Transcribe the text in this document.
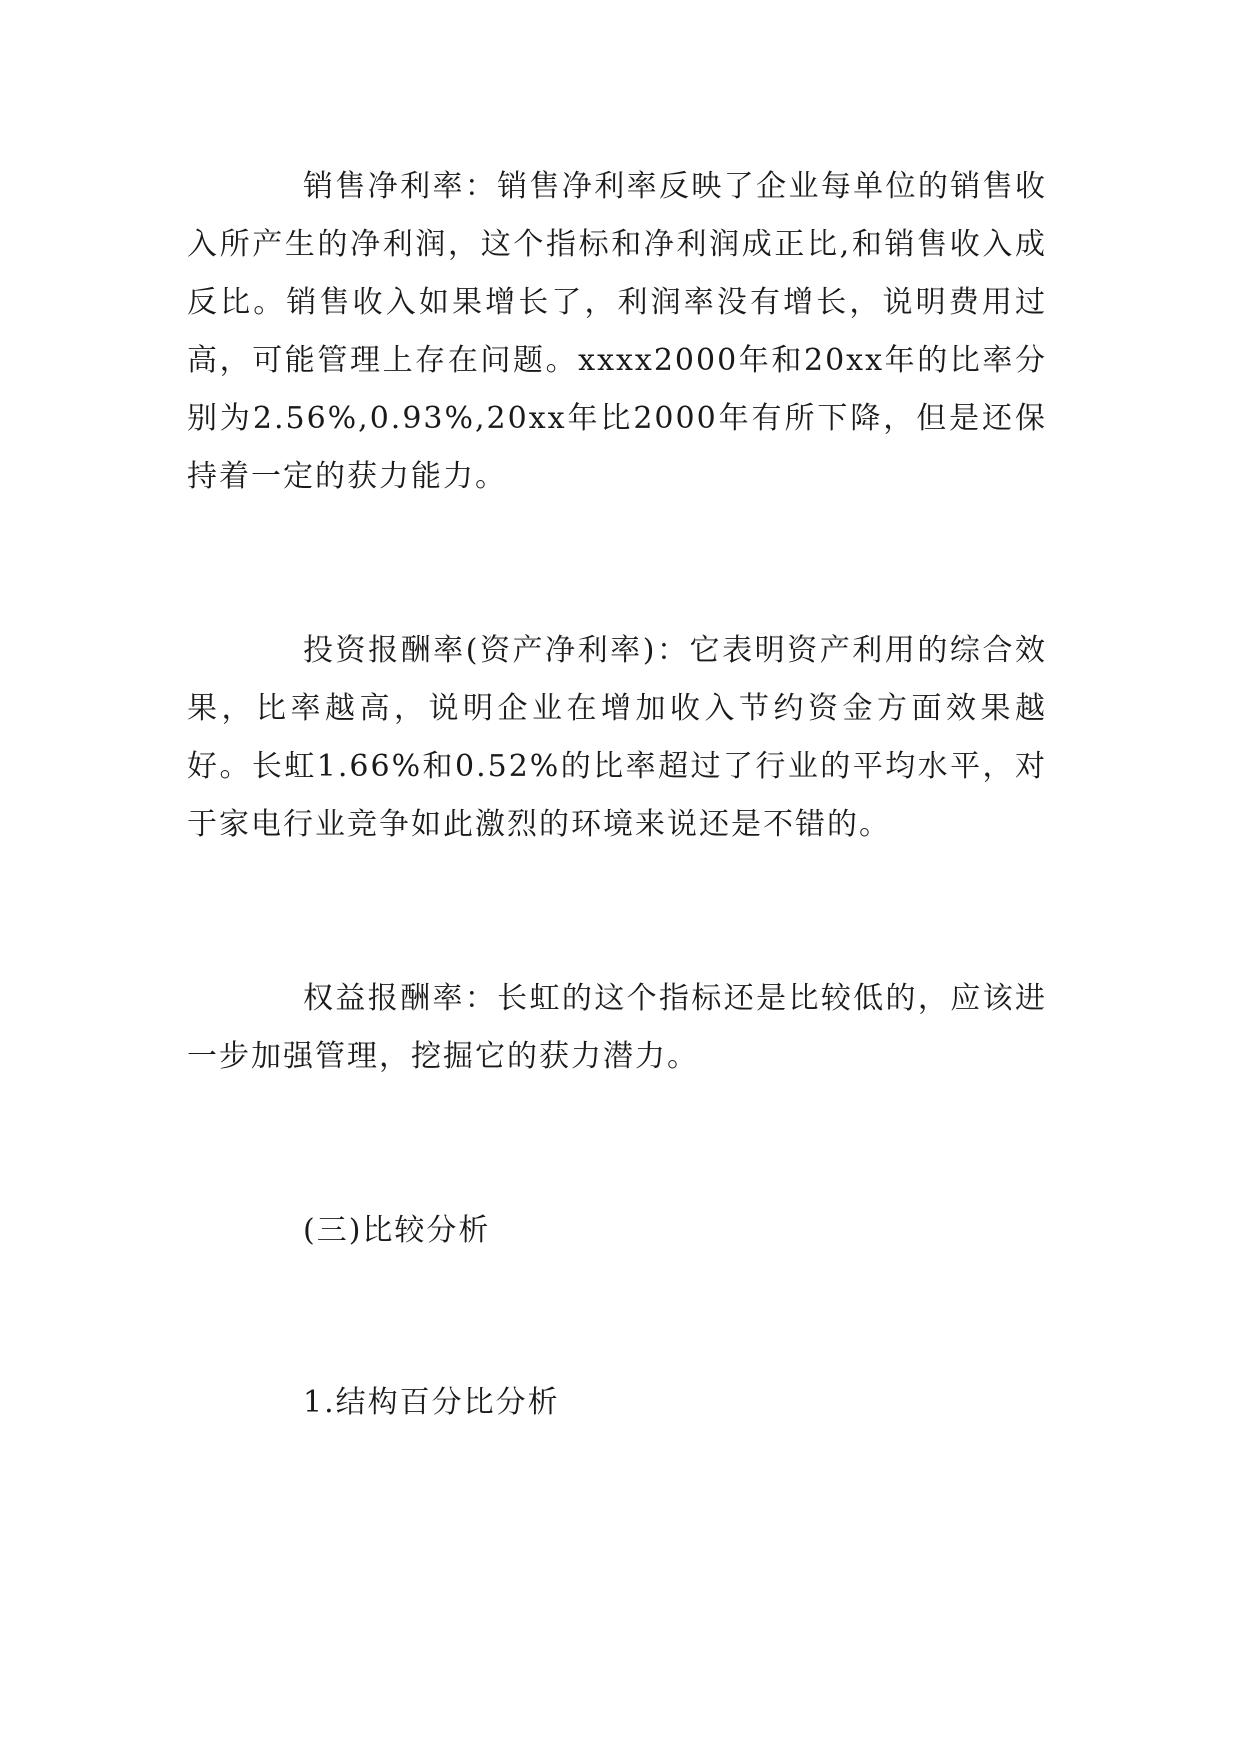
销售净利率：销售净利率反映了企业每单位的销售收入所产生的净利润，这个指标和净利润成正比,和销售收入成反比。销售收入如果增长了，利润率没有增长，说明费用过高，可能管理上存在问题。xxxx2000年和20xx年的比率分别为2.56%,0.93%,20xx年比2000年有所下降，但是还保持着一定的获力能力。

投资报酬率(资产净利率)：它表明资产利用的综合效果，比率越高，说明企业在增加收入节约资金方面效果越好。长虹1.66%和0.52%的比率超过了行业的平均水平，对于家电行业竞争如此激烈的环境来说还是不错的。

权益报酬率：长虹的这个指标还是比较低的，应该进一步加强管理，挖掘它的获力潜力。

(三)比较分析

1.结构百分比分析
